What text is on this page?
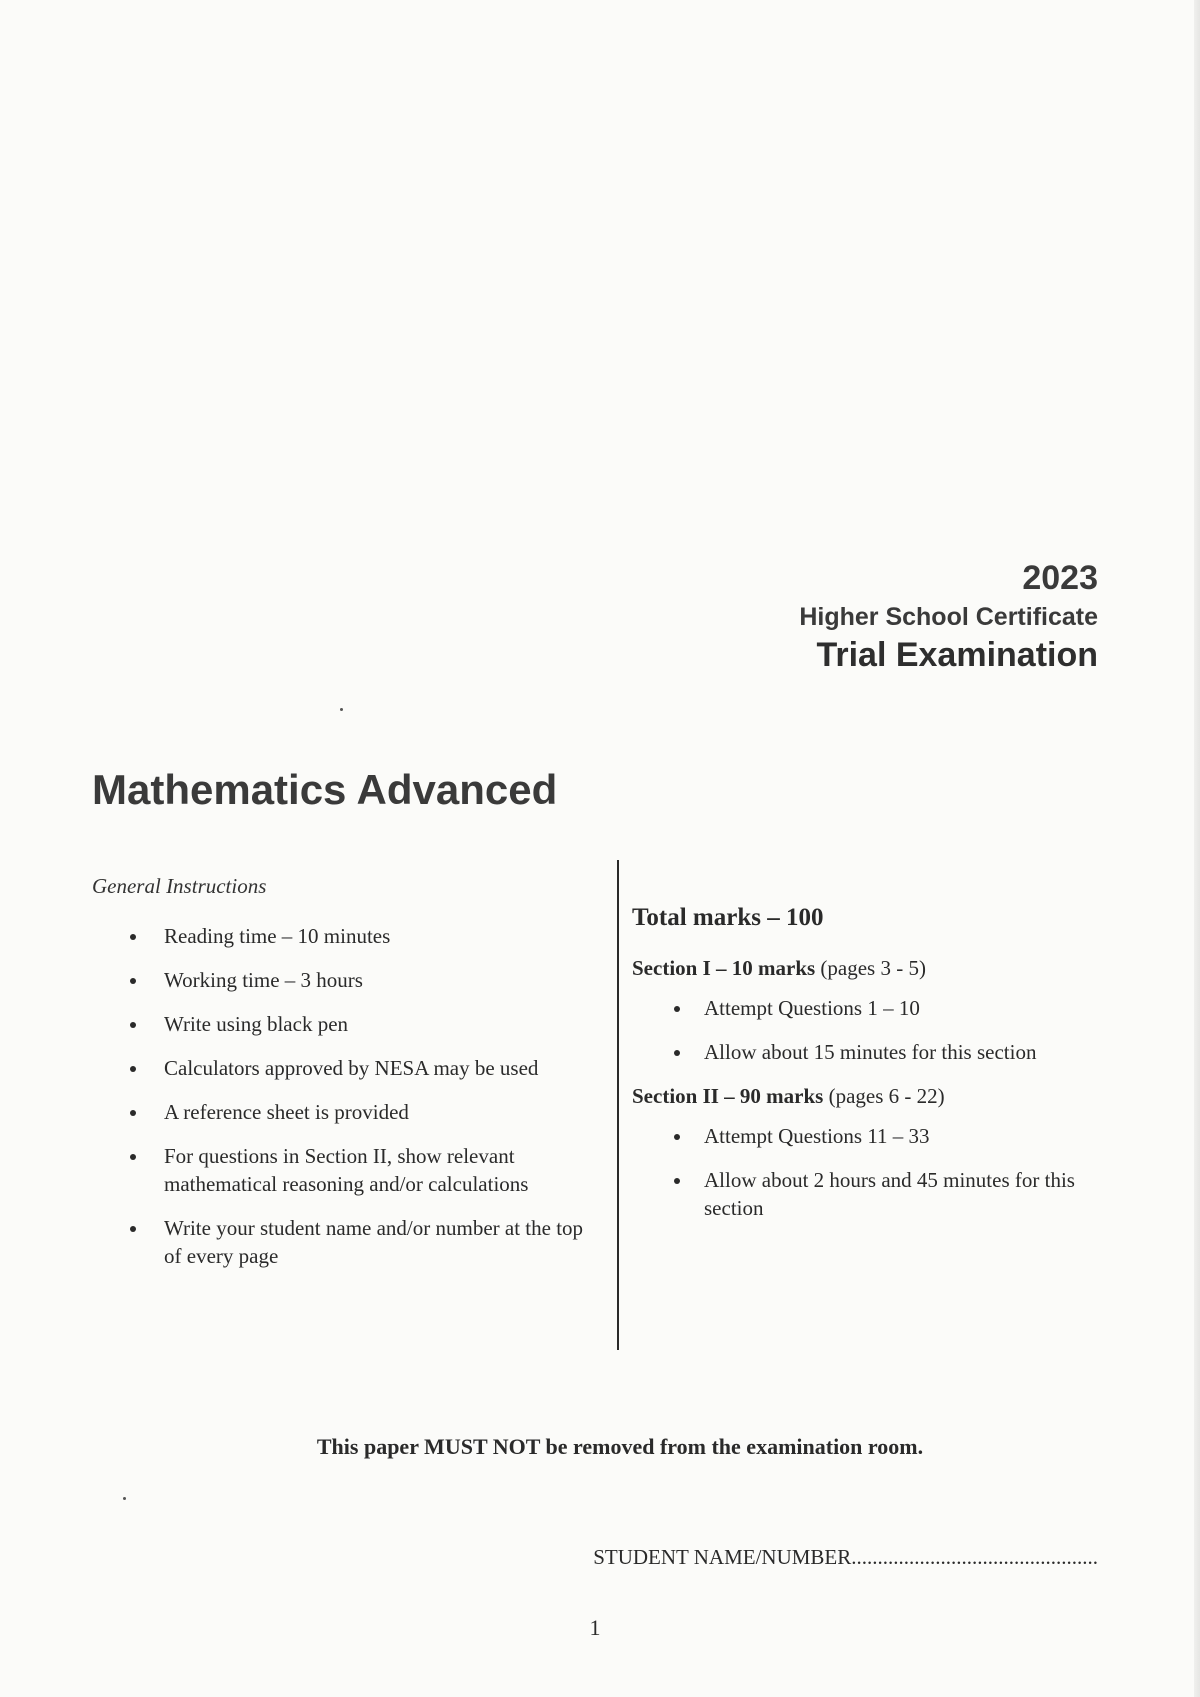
2023
Higher School Certificate
Trial Examination
Mathematics Advanced

General Instructions

Reading time – 10 minutes
Working time – 3 hours
Write using black pen
Calculators approved by NESA may be used
A reference sheet is provided
For questions in Section II, show relevant mathematical reasoning and/or calculations
Write your student name and/or number at the top of every page

Total marks – 100

Section I – 10 marks (pages 3 - 5)

Attempt Questions 1 – 10
Allow about 15 minutes for this section

Section II – 90 marks (pages 6 - 22)

Attempt Questions 11 – 33
Allow about 2 hours and 45 minutes for this section
This paper MUST NOT be removed from the examination room.
STUDENT NAME/NUMBER...............................................
1
